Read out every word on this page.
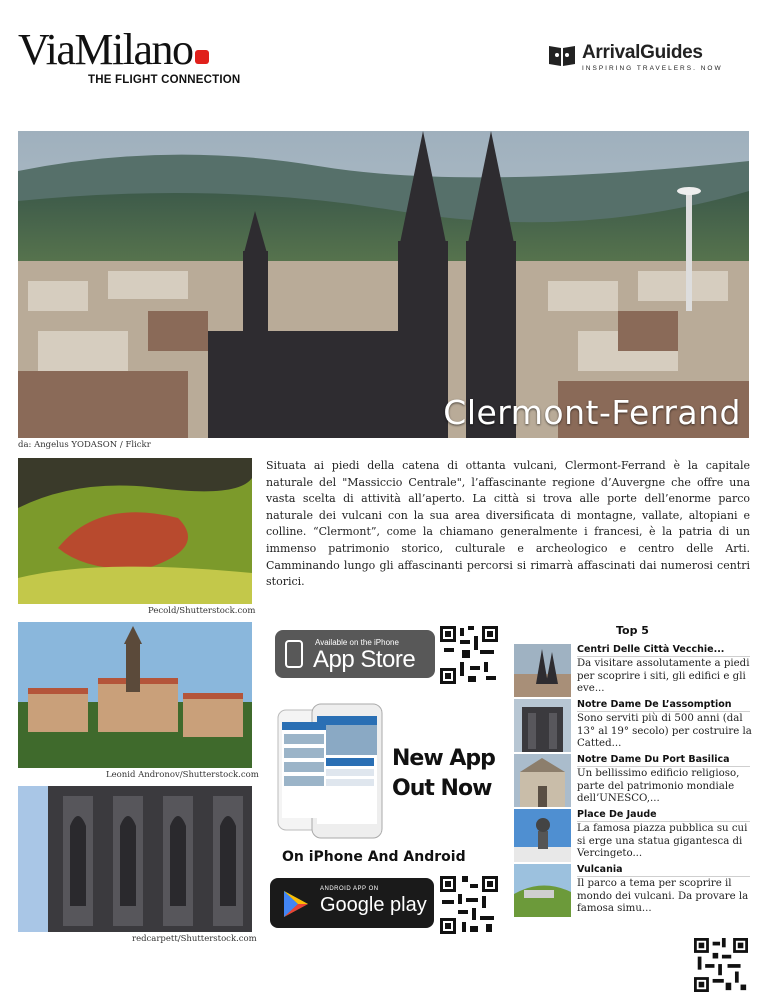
ViaMilano
THE FLIGHT CONNECTION
ArrivalGuides
INSPIRING TRAVELERS. NOW
Clermont-Ferrand
da: Angelus YODASON / Flickr
Pecold/Shutterstock.com
Leonid Andronov/Shutterstock.com
redcarpett/Shutterstock.com
Situata ai piedi della catena di ottanta vulcani, Clermont-Ferrand è la capitale naturale del "Massiccio Centrale", l’affascinante regione d’Auvergne che offre una vasta scelta di attività all’aperto. La città si trova alle porte dell’enorme parco naturale dei vulcani con la sua area diversificata di montagne, vallate, altopiani e colline. “Clermont”, come la chiamano generalmente i francesi, è la patria di un immenso patrimonio storico, culturale e archeologico e centro delle Arti. Camminando lungo gli affascinanti percorsi si rimarrà affascinati dai numerosi centri storici.
Available on the iPhone
App Store
New App
Out Now
On iPhone And Android
ANDROID APP ON
Google play
Top 5
Centri Delle Città Vecchie...
Da visitare assolutamente a piedi per scoprire i siti, gli edifici e gli eve...
Notre Dame De L’assomption
Sono serviti più di 500 anni (dal 13° al 19° secolo) per costruire la Catted...
Notre Dame Du Port Basilica
Un bellissimo edificio religioso, parte del patrimonio mondiale dell’UNESCO,...
Place De Jaude
La famosa piazza pubblica su cui si erge una statua gigantesca di Vercingeto...
Vulcania
Il parco a tema per scoprire il mondo dei vulcani. Da provare la famosa simu...
